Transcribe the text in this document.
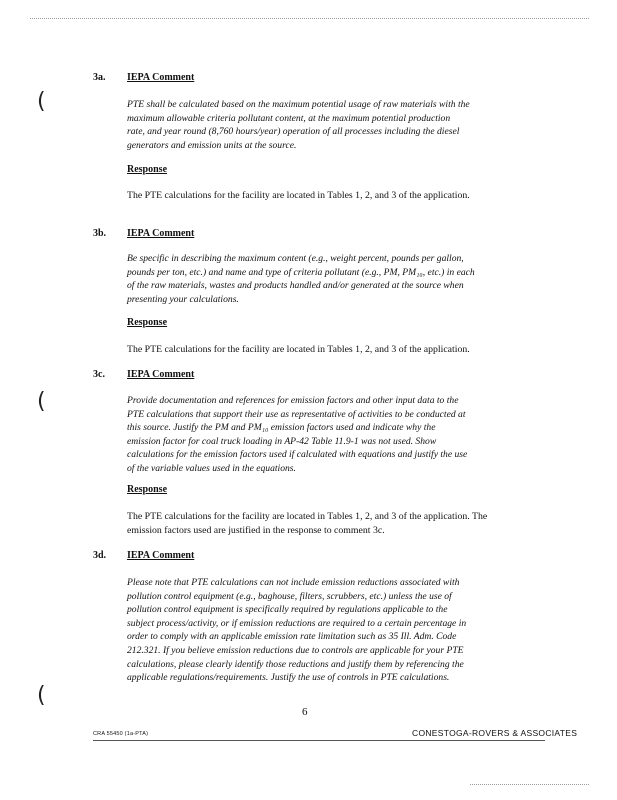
(
(
(
3a. IEPA Comment
PTE shall be calculated based on the maximum potential usage of raw materials with the
maximum allowable criteria pollutant content, at the maximum potential production
rate, and year round (8,760 hours/year) operation of all processes including the diesel
generators and emission units at the source.
Response
The PTE calculations for the facility are located in Tables 1, 2, and 3 of the application.
3b. IEPA Comment
Be specific in describing the maximum content (e.g., weight percent, pounds per gallon,
pounds per ton, etc.) and name and type of criteria pollutant (e.g., PM, PM₁₀, etc.) in each
of the raw materials, wastes and products handled and/or generated at the source when
presenting your calculations.
Response
The PTE calculations for the facility are located in Tables 1, 2, and 3 of the application.
3c. IEPA Comment
Provide documentation and references for emission factors and other input data to the
PTE calculations that support their use as representative of activities to be conducted at
this source. Justify the PM and PM₁₀ emission factors used and indicate why the
emission factor for coal truck loading in AP-42 Table 11.9-1 was not used. Show
calculations for the emission factors used if calculated with equations and justify the use
of the variable values used in the equations.
Response
The PTE calculations for the facility are located in Tables 1, 2, and 3 of the application. The
emission factors used are justified in the response to comment 3c.
3d. IEPA Comment
Please note that PTE calculations can not include emission reductions associated with
pollution control equipment (e.g., baghouse, filters, scrubbers, etc.) unless the use of
pollution control equipment is specifically required by regulations applicable to the
subject process/activity, or if emission reductions are required to a certain percentage in
order to comply with an applicable emission rate limitation such as 35 Ill. Adm. Code
212.321. If you believe emission reductions due to controls are applicable for your PTE
calculations, please clearly identify those reductions and justify them by referencing the
applicable regulations/requirements. Justify the use of controls in PTE calculations.
6
CRA 55450 (1a-PTA)	CONESTOGA-ROVERS & ASSOCIATES
